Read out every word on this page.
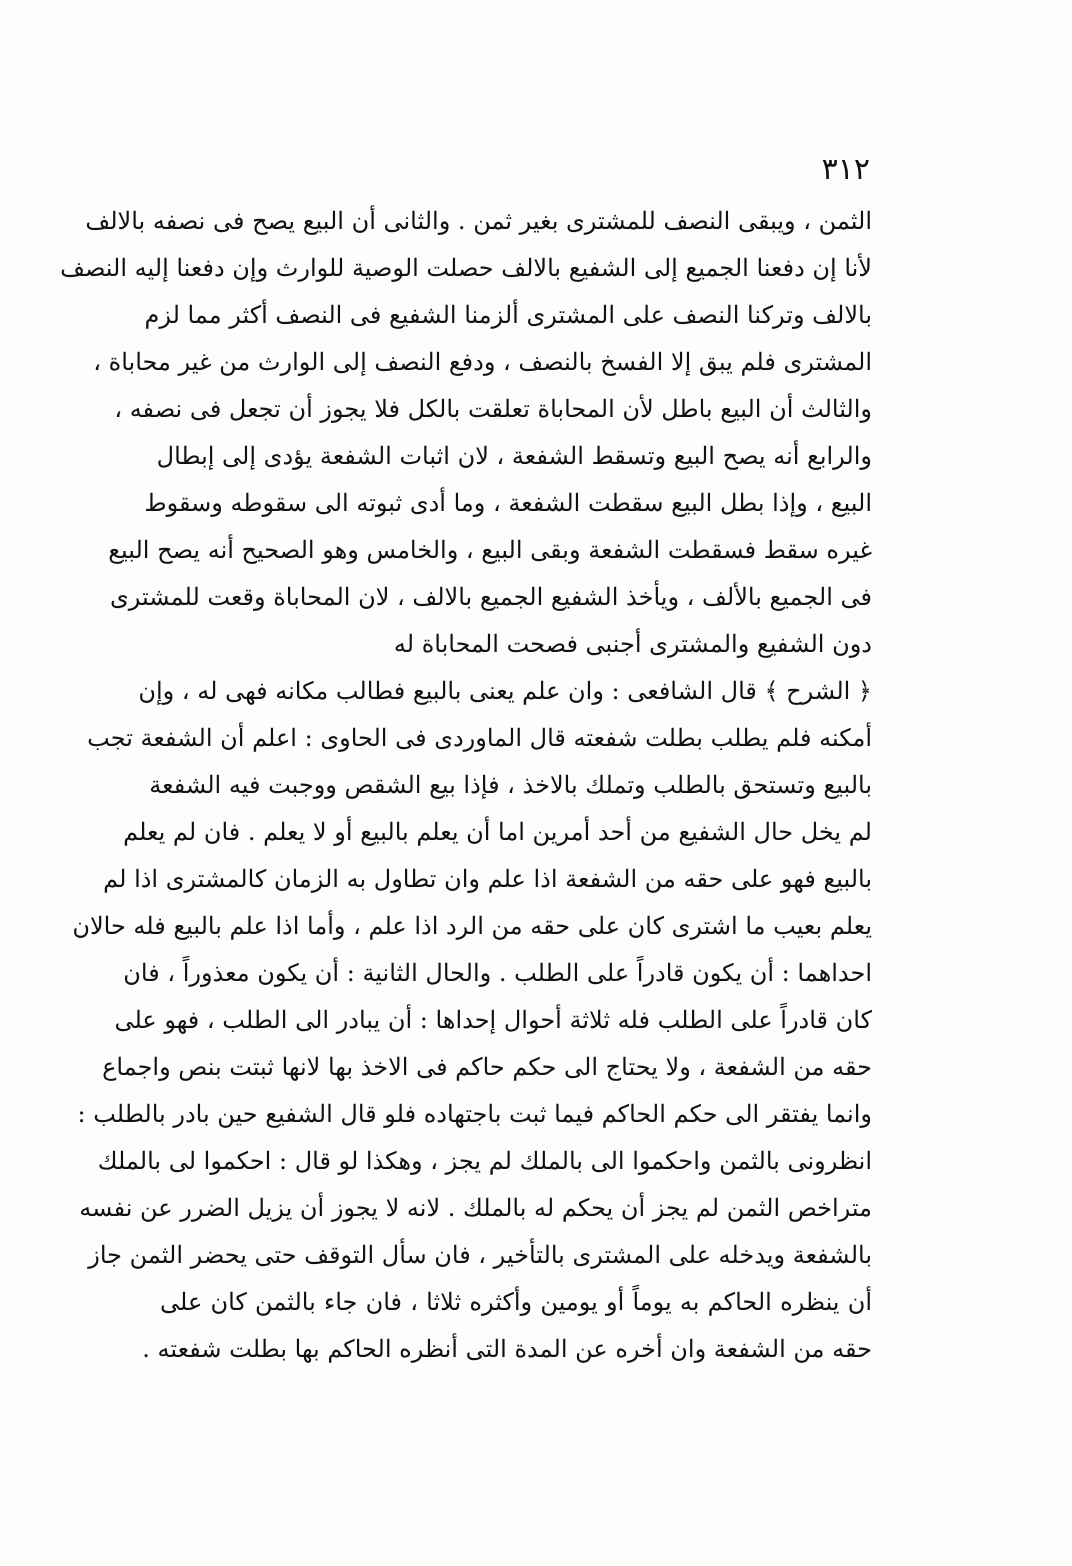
٣١٢
الثمن ، ويبقى النصف للمشترى بغير ثمن . والثانى أن البيع يصح فى نصفه بالالف
لأنا إن دفعنا الجميع إلى الشفيع بالالف حصلت الوصية للوارث وإن دفعنا إليه النصف
بالالف وتركنا النصف على المشترى ألزمنا الشفيع فى النصف أكثر مما لزم
المشترى فلم يبق إلا الفسخ بالنصف ، ودفع النصف إلى الوارث من غير محاباة ،
والثالث أن البيع باطل لأن المحاباة تعلقت بالكل فلا يجوز أن تجعل فى نصفه ،
والرابع أنه يصح البيع وتسقط الشفعة ، لان اثبات الشفعة يؤدى إلى إبطال
البيع ، وإذا بطل البيع سقطت الشفعة ، وما أدى ثبوته الى سقوطه وسقوط
غيره سقط فسقطت الشفعة وبقى البيع ، والخامس وهو الصحيح أنه يصح البيع
فى الجميع بالألف ، ويأخذ الشفيع الجميع بالالف ، لان المحاباة وقعت للمشترى
دون الشفيع والمشترى أجنبى فصحت المحاباة له
﴿ الشرح ﴾ قال الشافعى : وان علم يعنى بالبيع فطالب مكانه فهى له ، وإن
أمكنه فلم يطلب بطلت شفعته قال الماوردى فى الحاوى : اعلم أن الشفعة تجب
بالبيع وتستحق بالطلب وتملك بالاخذ ، فإذا بيع الشقص ووجبت فيه الشفعة
لم يخل حال الشفيع من أحد أمرين اما أن يعلم بالبيع أو لا يعلم . فان لم يعلم
بالبيع فهو على حقه من الشفعة اذا علم وان تطاول به الزمان كالمشترى اذا لم
يعلم بعيب ما اشترى كان على حقه من الرد اذا علم ، وأما اذا علم بالبيع فله حالان
احداهما : أن يكون قادراً على الطلب . والحال الثانية : أن يكون معذوراً ، فان
كان قادراً على الطلب فله ثلاثة أحوال إحداها : أن يبادر الى الطلب ، فهو على
حقه من الشفعة ، ولا يحتاج الى حكم حاكم فى الاخذ بها لانها ثبتت بنص واجماع
وانما يفتقر الى حكم الحاكم فيما ثبت باجتهاده فلو قال الشفيع حين بادر بالطلب :
انظرونى بالثمن واحكموا الى بالملك لم يجز ، وهكذا لو قال : احكموا لى بالملك
متراخص الثمن لم يجز أن يحكم له بالملك . لانه لا يجوز أن يزيل الضرر عن نفسه
بالشفعة ويدخله على المشترى بالتأخير ، فان سأل التوقف حتى يحضر الثمن جاز
أن ينظره الحاكم به يوماً أو يومين وأكثره ثلاثا ، فان جاء بالثمن كان على
حقه من الشفعة وان أخره عن المدة التى أنظره الحاكم بها بطلت شفعته .
